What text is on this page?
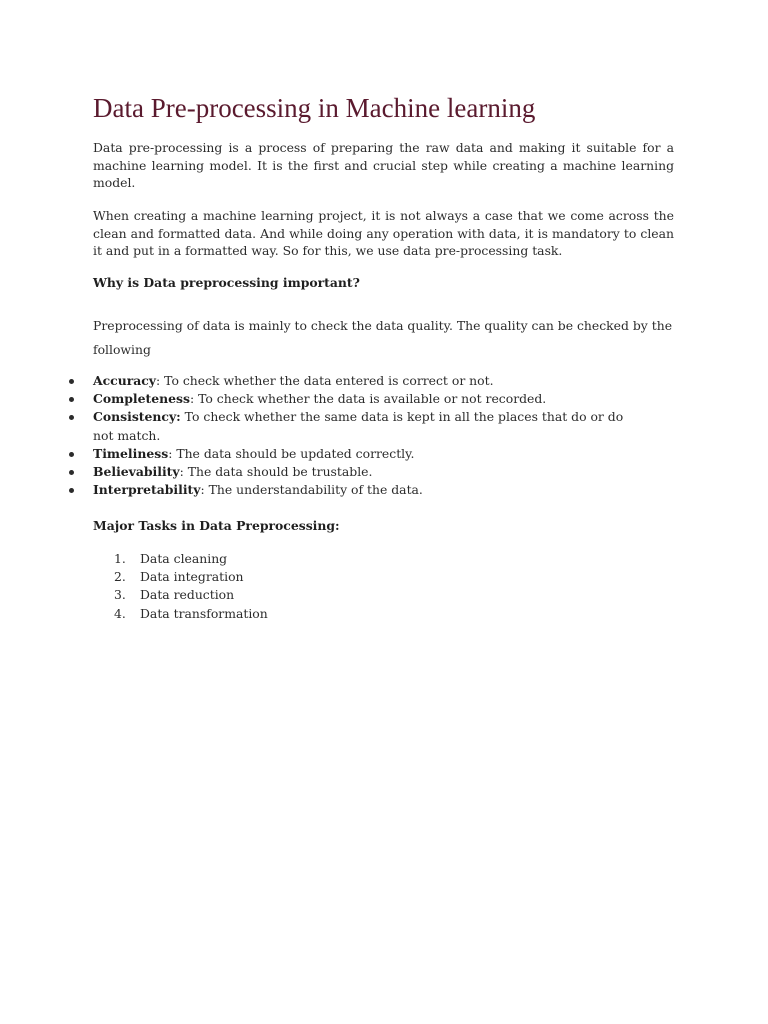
Data Pre-processing in Machine learning

Data pre-processing is a process of preparing the raw data and making it suitable for a machine learning model. It is the first and crucial step while creating a machine learning model.

When creating a machine learning project, it is not always a case that we come across the clean and formatted data. And while doing any operation with data, it is mandatory to clean it and put in a formatted way. So for this, we use data pre-processing task.

Why is Data preprocessing important?

Preprocessing of data is mainly to check the data quality. The quality can be checked by the following

Accuracy: To check whether the data entered is correct or not.
Completeness: To check whether the data is available or not recorded.
Consistency: To check whether the same data is kept in all the places that do or do not match.
Timeliness: The data should be updated correctly.
Believability: The data should be trustable.
Interpretability: The understandability of the data.
Major Tasks in Data Preprocessing:
1. Data cleaning
2. Data integration
3. Data reduction
4. Data transformation
